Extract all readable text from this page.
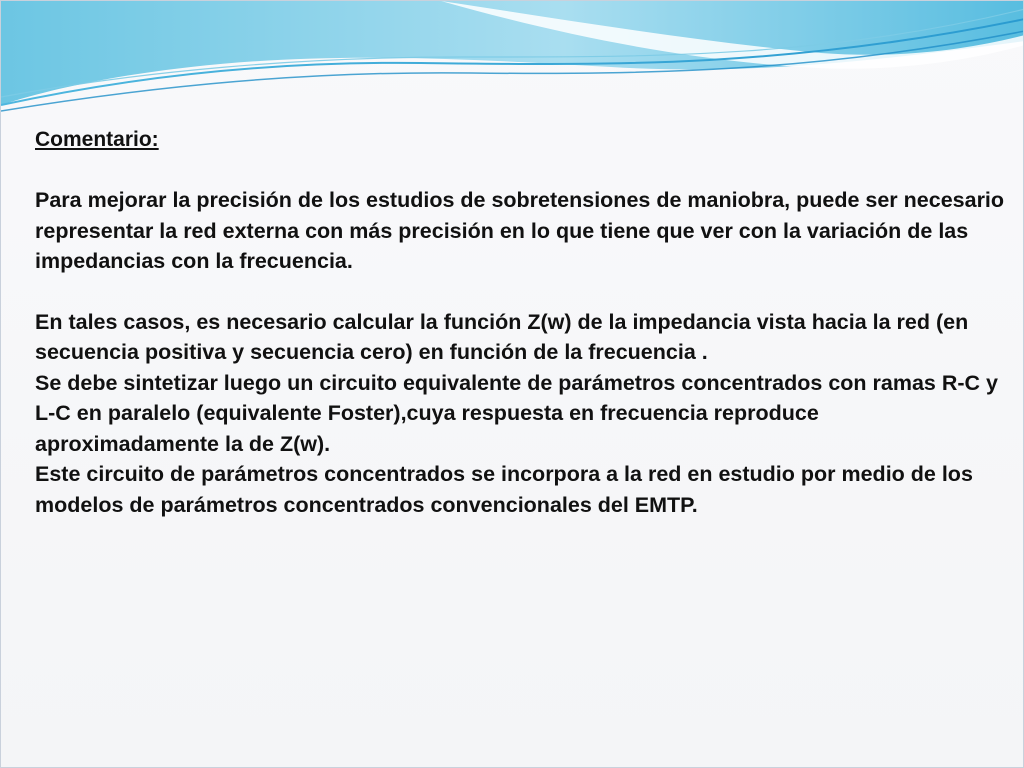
Comentario:

Para mejorar la precisión de los estudios de sobretensiones de maniobra, puede ser necesario representar la red externa con más precisión en lo que tiene que ver con la variación de las impedancias con la frecuencia.

En tales casos, es necesario calcular la función Z(w) de la impedancia vista hacia la red (en secuencia positiva y secuencia cero) en función de la frecuencia .

Se debe sintetizar luego un circuito equivalente de parámetros concentrados con ramas R-C y L-C en paralelo (equivalente Foster),cuya respuesta en frecuencia reproduce aproximadamente la de Z(w).

Este circuito de parámetros concentrados se incorpora a la red en estudio por medio de los modelos de parámetros concentrados convencionales del EMTP.
